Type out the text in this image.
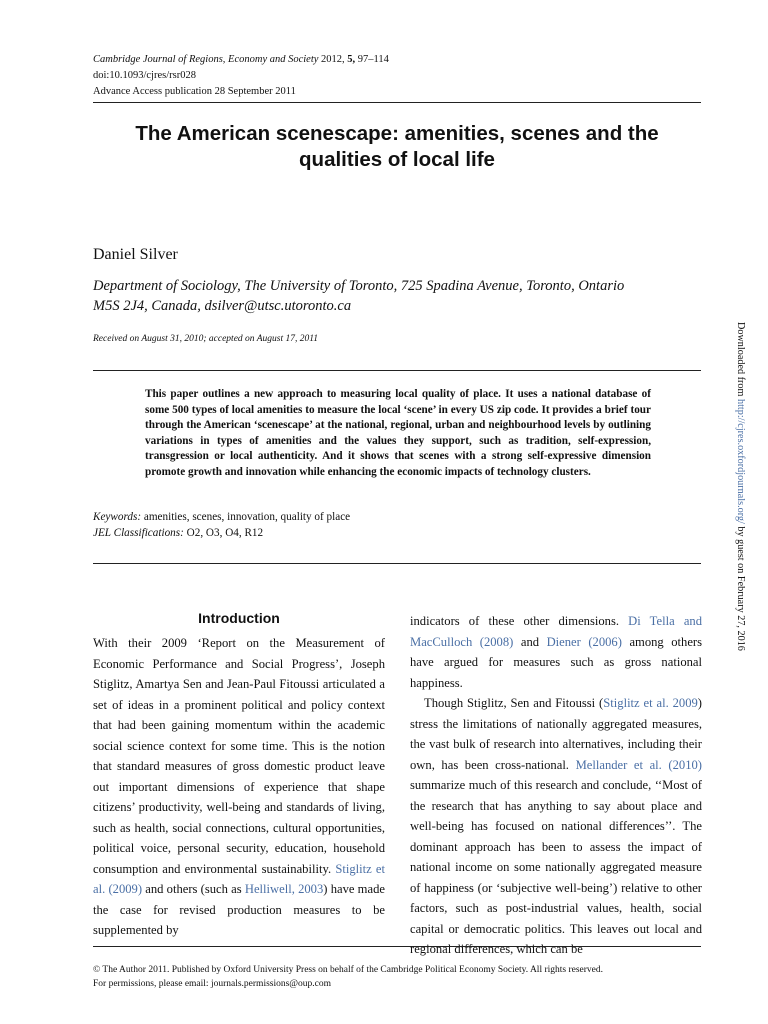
Cambridge Journal of Regions, Economy and Society 2012, 5, 97–114
doi:10.1093/cjres/rsr028
Advance Access publication 28 September 2011
The American scenescape: amenities, scenes and the
qualities of local life
Daniel Silver
Department of Sociology, The University of Toronto, 725 Spadina Avenue, Toronto, Ontario
M5S 2J4, Canada, dsilver@utsc.utoronto.ca
Received on August 31, 2010; accepted on August 17, 2011
This paper outlines a new approach to measuring local quality of place. It uses a national database of some 500 types of local amenities to measure the local ‘scene’ in every US zip code. It provides a brief tour through the American ‘scenescape’ at the national, regional, urban and neighbourhood levels by outlining variations in types of amenities and the values they support, such as tradition, self-expression, transgression or local authenticity. And it shows that scenes with a strong self-expressive dimension promote growth and innovation while enhancing the economic impacts of technology clusters.
Keywords: amenities, scenes, innovation, quality of place
JEL Classifications: O2, O3, O4, R12
Introduction

With their 2009 ‘Report on the Measurement of Economic Performance and Social Progress’, Joseph Stiglitz, Amartya Sen and Jean-Paul Fitoussi articulated a set of ideas in a prominent political and policy context that had been gaining momentum within the academic social science context for some time. This is the notion that standard measures of gross domestic product leave out important dimensions of experience that shape citizens’ productivity, well-being and standards of living, such as health, social connections, cultural opportunities, political voice, personal security, education, household consumption and environmental sustainability. Stiglitz et al. (2009) and others (such as Helliwell, 2003) have made the case for revised production measures to be supplemented by

indicators of these other dimensions. Di Tella and MacCulloch (2008) and Diener (2006) among others have argued for measures such as gross national happiness.

Though Stiglitz, Sen and Fitoussi (Stiglitz et al. 2009) stress the limitations of nationally aggregated measures, the vast bulk of research into alternatives, including their own, has been cross-national. Mellander et al. (2010) summarize much of this research and conclude, ‘‘Most of the research that has anything to say about place and well-being has focused on national differences’’. The dominant approach has been to assess the impact of national income on some nationally aggregated measure of happiness (or ‘subjective well-being’) relative to other factors, such as post-industrial values, health, social capital or democratic politics. This leaves out local and regional differences, which can be

© The Author 2011. Published by Oxford University Press on behalf of the Cambridge Political Economy Society. All rights reserved.
For permissions, please email: journals.permissions@oup.com
Downloaded from http://cjres.oxfordjournals.org/ by guest on February 27, 2016
